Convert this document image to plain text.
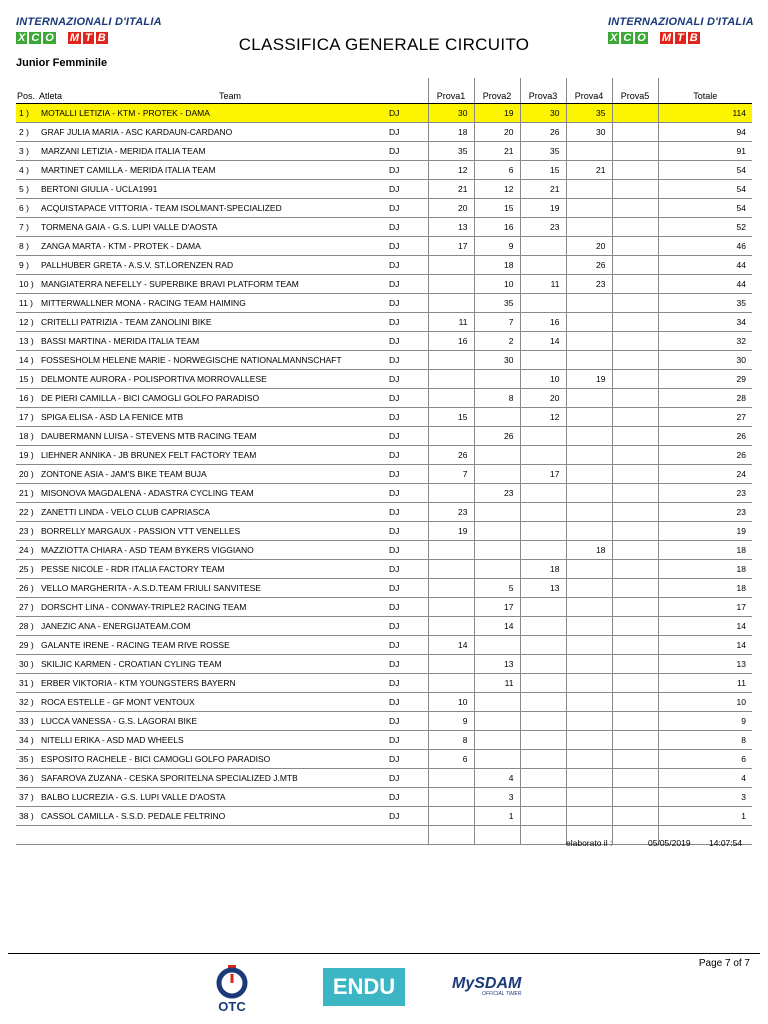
INTERNAZIONALI D'ITALIA
X C O M T B
INTERNAZIONALI D'ITALIA
X C O M T B
CLASSIFICA GENERALE CIRCUITO
Junior Femminile
Pos.	Atleta	Team		Prova1	Prova2	Prova3	Prova4	Prova5	Totale
1 )	MOTALLI LETIZIA - KTM - PROTEK - DAMA		DJ	30	19	30	35		114
2 )	GRAF JULIA MARIA - ASC KARDAUN-CARDANO		DJ	18	20	26	30		94
3 )	MARZANI LETIZIA - MERIDA ITALIA TEAM		DJ	35	21	35			91
4 )	MARTINET CAMILLA - MERIDA ITALIA TEAM		DJ	12	6	15	21		54
5 )	BERTONI GIULIA - UCLA1991		DJ	21	12	21			54
6 )	ACQUISTAPACE VITTORIA - TEAM ISOLMANT-SPECIALIZED		DJ	20	15	19			54
7 )	TORMENA GAIA - G.S. LUPI VALLE D'AOSTA		DJ	13	16	23			52
8 )	ZANGA MARTA - KTM - PROTEK - DAMA		DJ	17	9		20		46
9 )	PALLHUBER GRETA - A.S.V. ST.LORENZEN RAD		DJ		18		26		44
10 )	MANGIATERRA NEFELLY - SUPERBIKE BRAVI PLATFORM TEAM		DJ		10	11	23		44
11 )	MITTERWALLNER MONA - RACING TEAM HAIMING		DJ		35				35
12 )	CRITELLI PATRIZIA - TEAM ZANOLINI BIKE		DJ	11	7	16			34
13 )	BASSI MARTINA - MERIDA ITALIA TEAM		DJ	16	2	14			32
14 )	FOSSESHOLM HELENE MARIE - NORWEGISCHE NATIONALMANNSCHAFT		DJ		30				30
15 )	DELMONTE AURORA - POLISPORTIVA MORROVALLESE		DJ			10	19		29
16 )	DE PIERI CAMILLA - BICI CAMOGLI GOLFO PARADISO		DJ		8	20			28
17 )	SPIGA ELISA - ASD LA FENICE MTB		DJ	15		12			27
18 )	DAUBERMANN LUISA - STEVENS MTB RACING TEAM		DJ		26				26
19 )	LIEHNER ANNIKA - JB BRUNEX FELT FACTORY TEAM		DJ	26					26
20 )	ZONTONE ASIA - JAM'S BIKE TEAM BUJA		DJ	7		17			24
21 )	MISONOVA MAGDALENA - ADASTRA CYCLING TEAM		DJ		23				23
22 )	ZANETTI LINDA - VELO CLUB CAPRIASCA		DJ	23					23
23 )	BORRELLY MARGAUX - PASSION VTT VENELLES		DJ	19					19
24 )	MAZZIOTTA CHIARA - ASD TEAM BYKERS VIGGIANO		DJ				18		18
25 )	PESSE NICOLE - RDR ITALIA FACTORY TEAM		DJ			18			18
26 )	VELLO MARGHERITA - A.S.D.TEAM FRIULI SANVITESE		DJ		5	13			18
27 )	DORSCHT LINA - CONWAY-TRIPLE2 RACING TEAM		DJ		17				17
28 )	JANEZIC ANA - ENERGIJATEAM.COM		DJ		14				14
29 )	GALANTE IRENE - RACING TEAM RIVE ROSSE		DJ	14					14
30 )	SKILJIC KARMEN - CROATIAN CYLING TEAM		DJ		13				13
31 )	ERBER VIKTORIA - KTM YOUNGSTERS BAYERN		DJ		11				11
32 )	ROCA ESTELLE - GF MONT VENTOUX		DJ	10					10
33 )	LUCCA VANESSA - G.S. LAGORAI BIKE		DJ	9					9
34 )	NITELLI ERIKA - ASD MAD WHEELS		DJ	8					8
35 )	ESPOSITO RACHELE - BICI CAMOGLI GOLFO PARADISO		DJ	6					6
36 )	SAFAROVA ZUZANA - CESKA SPORITELNA SPECIALIZED J.MTB		DJ		4				4
37 )	BALBO LUCREZIA - G.S. LUPI VALLE D'AOSTA		DJ		3				3
38 )	CASSOL CAMILLA - S.S.D. PEDALE FELTRINO		DJ		1				1

elaborato il :	05/05/2019 14:07:54
Page 7 of 7
OTC
ENDU	MySDAM
OFFICIAL TIMER
